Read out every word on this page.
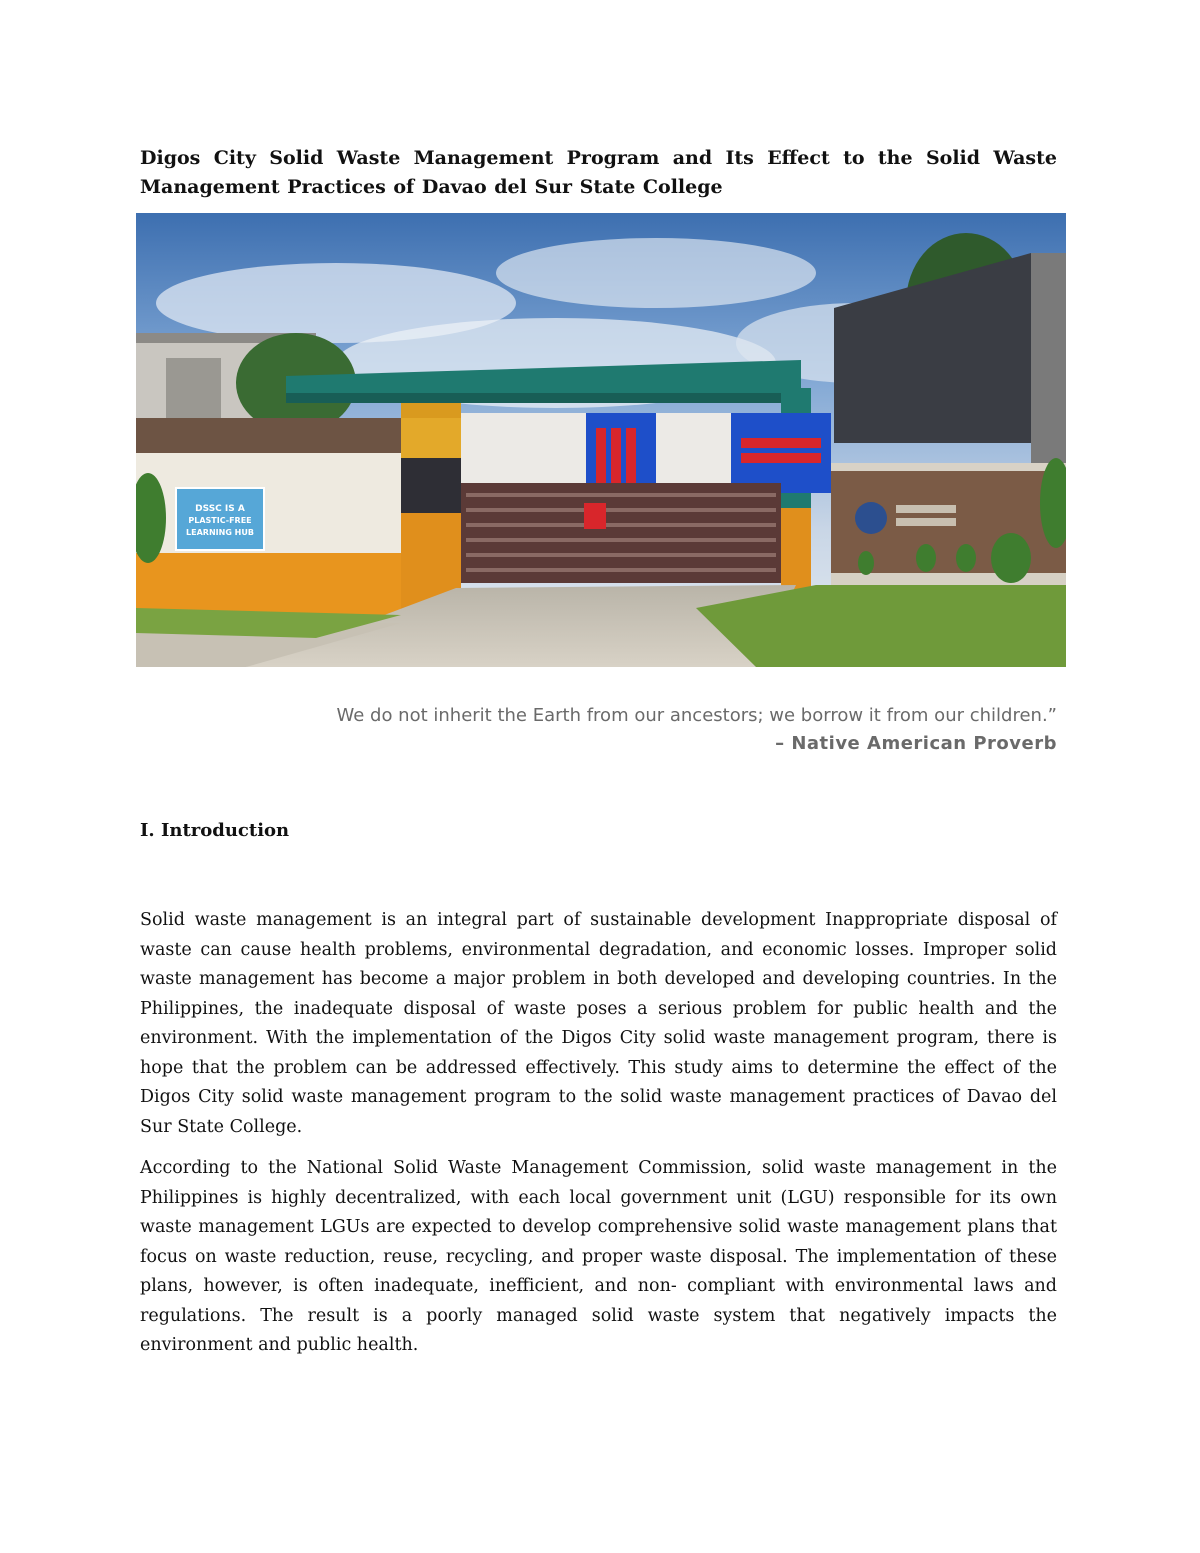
Digos City Solid Waste Management Program and Its Effect to the Solid Waste Management Practices of Davao del Sur State College
DSSC IS A
PLASTIC-FREE
LEARNING HUB
We do not inherit the Earth from our ancestors; we borrow it from our children.”
– Native American Proverb
I. Introduction

Solid waste management is an integral part of sustainable development Inappropriate disposal of waste can cause health problems, environmental degradation, and economic losses. Improper solid waste management has become a major problem in both developed and developing countries. In the Philippines, the inadequate disposal of waste poses a serious problem for public health and the environment. With the implementation of the Digos City solid waste management program, there is hope that the problem can be addressed effectively. This study aims to determine the effect of the Digos City solid waste management program to the solid waste management practices of Davao del Sur State College.

According to the National Solid Waste Management Commission, solid waste management in the Philippines is highly decentralized, with each local government unit (LGU) responsible for its own waste management LGUs are expected to develop comprehensive solid waste management plans that focus on waste reduction, reuse, recycling, and proper waste disposal. The implementation of these plans, however, is often inadequate, inefficient, and non- compliant with environmental laws and regulations. The result is a poorly managed solid waste system that negatively impacts the environment and public health.
